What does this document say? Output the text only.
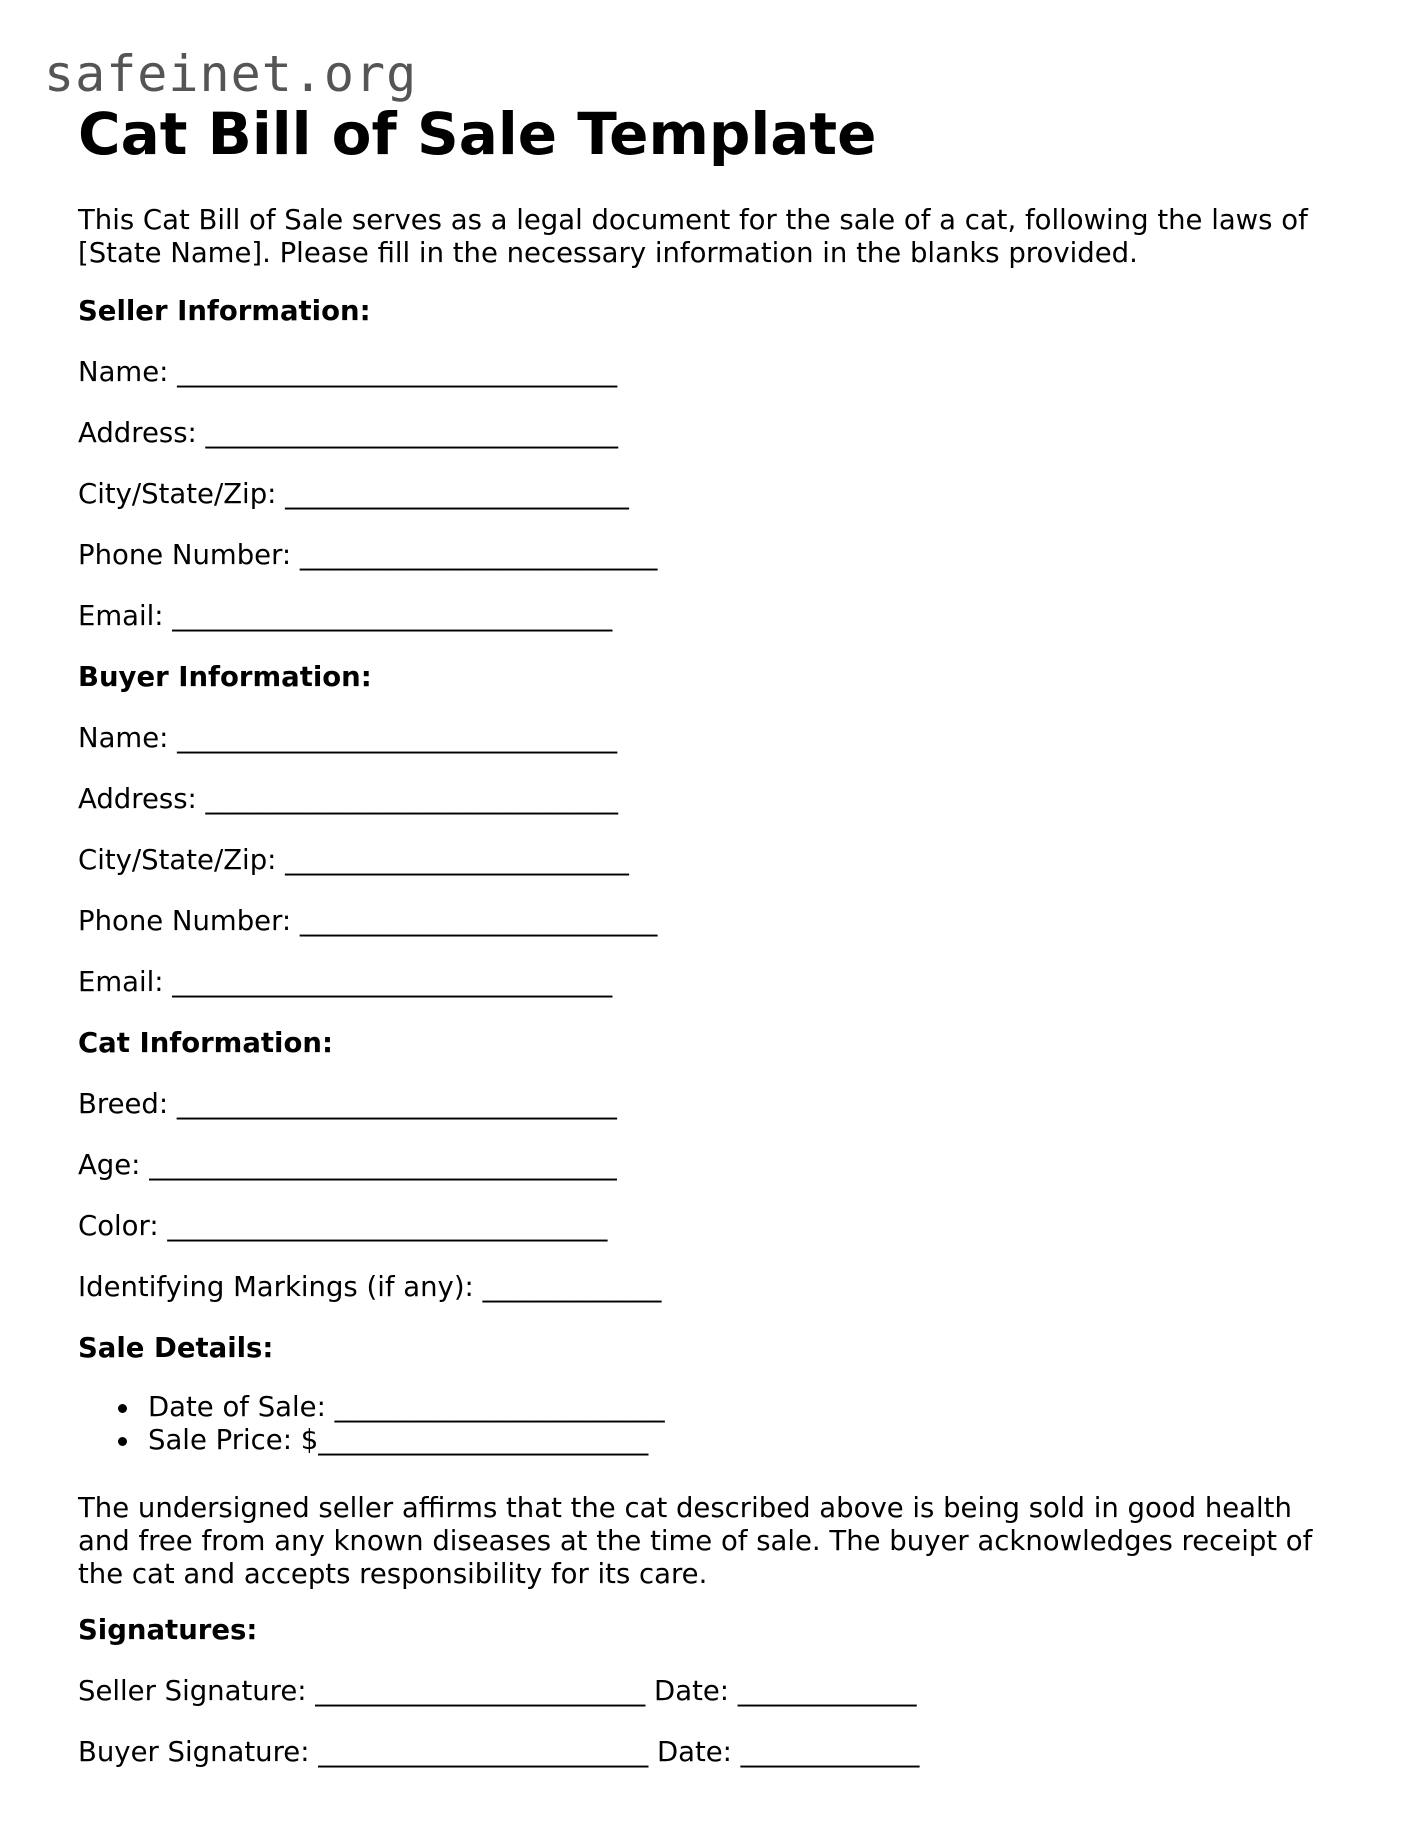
safeinet.org
Cat Bill of Sale Template

This Cat Bill of Sale serves as a legal document for the sale of a cat, following the laws of [State Name]. Please fill in the necessary information in the blanks provided.

Seller Information:
Name: ________________________________
Address: ______________________________
City/State/Zip: _________________________
Phone Number: __________________________
Email: ________________________________
Buyer Information:
Name: ________________________________
Address: ______________________________
City/State/Zip: _________________________
Phone Number: __________________________
Email: ________________________________
Cat Information:
Breed: ________________________________
Age: __________________________________
Color: ________________________________
Identifying Markings (if any): _____________
Sale Details:
Date of Sale: ________________________
Sale Price: $________________________

The undersigned seller affirms that the cat described above is being sold in good health and free from any known diseases at the time of sale. The buyer acknowledges receipt of the cat and accepts responsibility for its care.

Signatures:
Seller Signature: ________________________ Date: _____________
Buyer Signature: ________________________ Date: _____________
